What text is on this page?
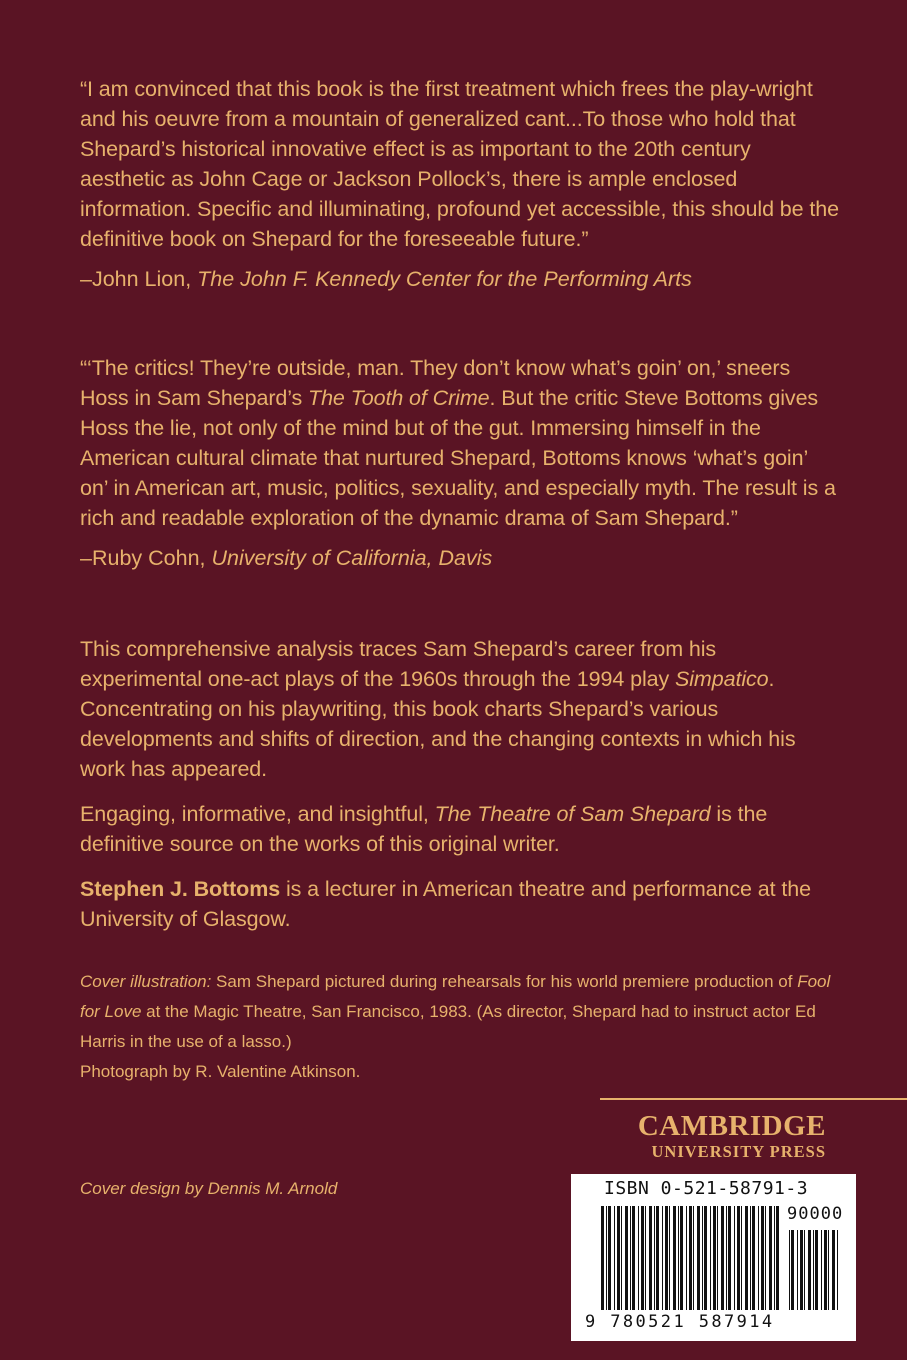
“I am convinced that this book is the first treatment which frees the play-wright and his oeuvre from a mountain of generalized cant...To those who hold that Shepard’s historical innovative effect is as important to the 20th century aesthetic as John Cage or Jackson Pollock’s, there is ample enclosed information. Specific and illuminating, profound yet accessible, this should be the definitive book on Shepard for the foreseeable future.”

–John Lion, The John F. Kennedy Center for the Performing Arts

“‘The critics! They’re outside, man. They don’t know what’s goin’ on,’ sneers Hoss in Sam Shepard’s The Tooth of Crime. But the critic Steve Bottoms gives Hoss the lie, not only of the mind but of the gut. Immersing himself in the American cultural climate that nurtured Shepard, Bottoms knows ‘what’s goin’ on’ in American art, music, politics, sexuality, and especially myth. The result is a rich and readable exploration of the dynamic drama of Sam Shepard.”

–Ruby Cohn, University of California, Davis

This comprehensive analysis traces Sam Shepard’s career from his experimental one-act plays of the 1960s through the 1994 play Simpatico. Concentrating on his playwriting, this book charts Shepard’s various developments and shifts of direction, and the changing contexts in which his work has appeared.

Engaging, informative, and insightful, The Theatre of Sam Shepard is the definitive source on the works of this original writer.

Stephen J. Bottoms is a lecturer in American theatre and performance at the University of Glasgow.

Cover illustration: Sam Shepard pictured during rehearsals for his world premiere production of Fool for Love at the Magic Theatre, San Francisco, 1983. (As director, Shepard had to instruct actor Ed Harris in the use of a lasso.)

Photograph by R. Valentine Atkinson.

Cover design by Dennis M. Arnold

CAMBRIDGE
UNIVERSITY PRESS
ISBN 0-521-58791-3
90000
9 780521 587914
